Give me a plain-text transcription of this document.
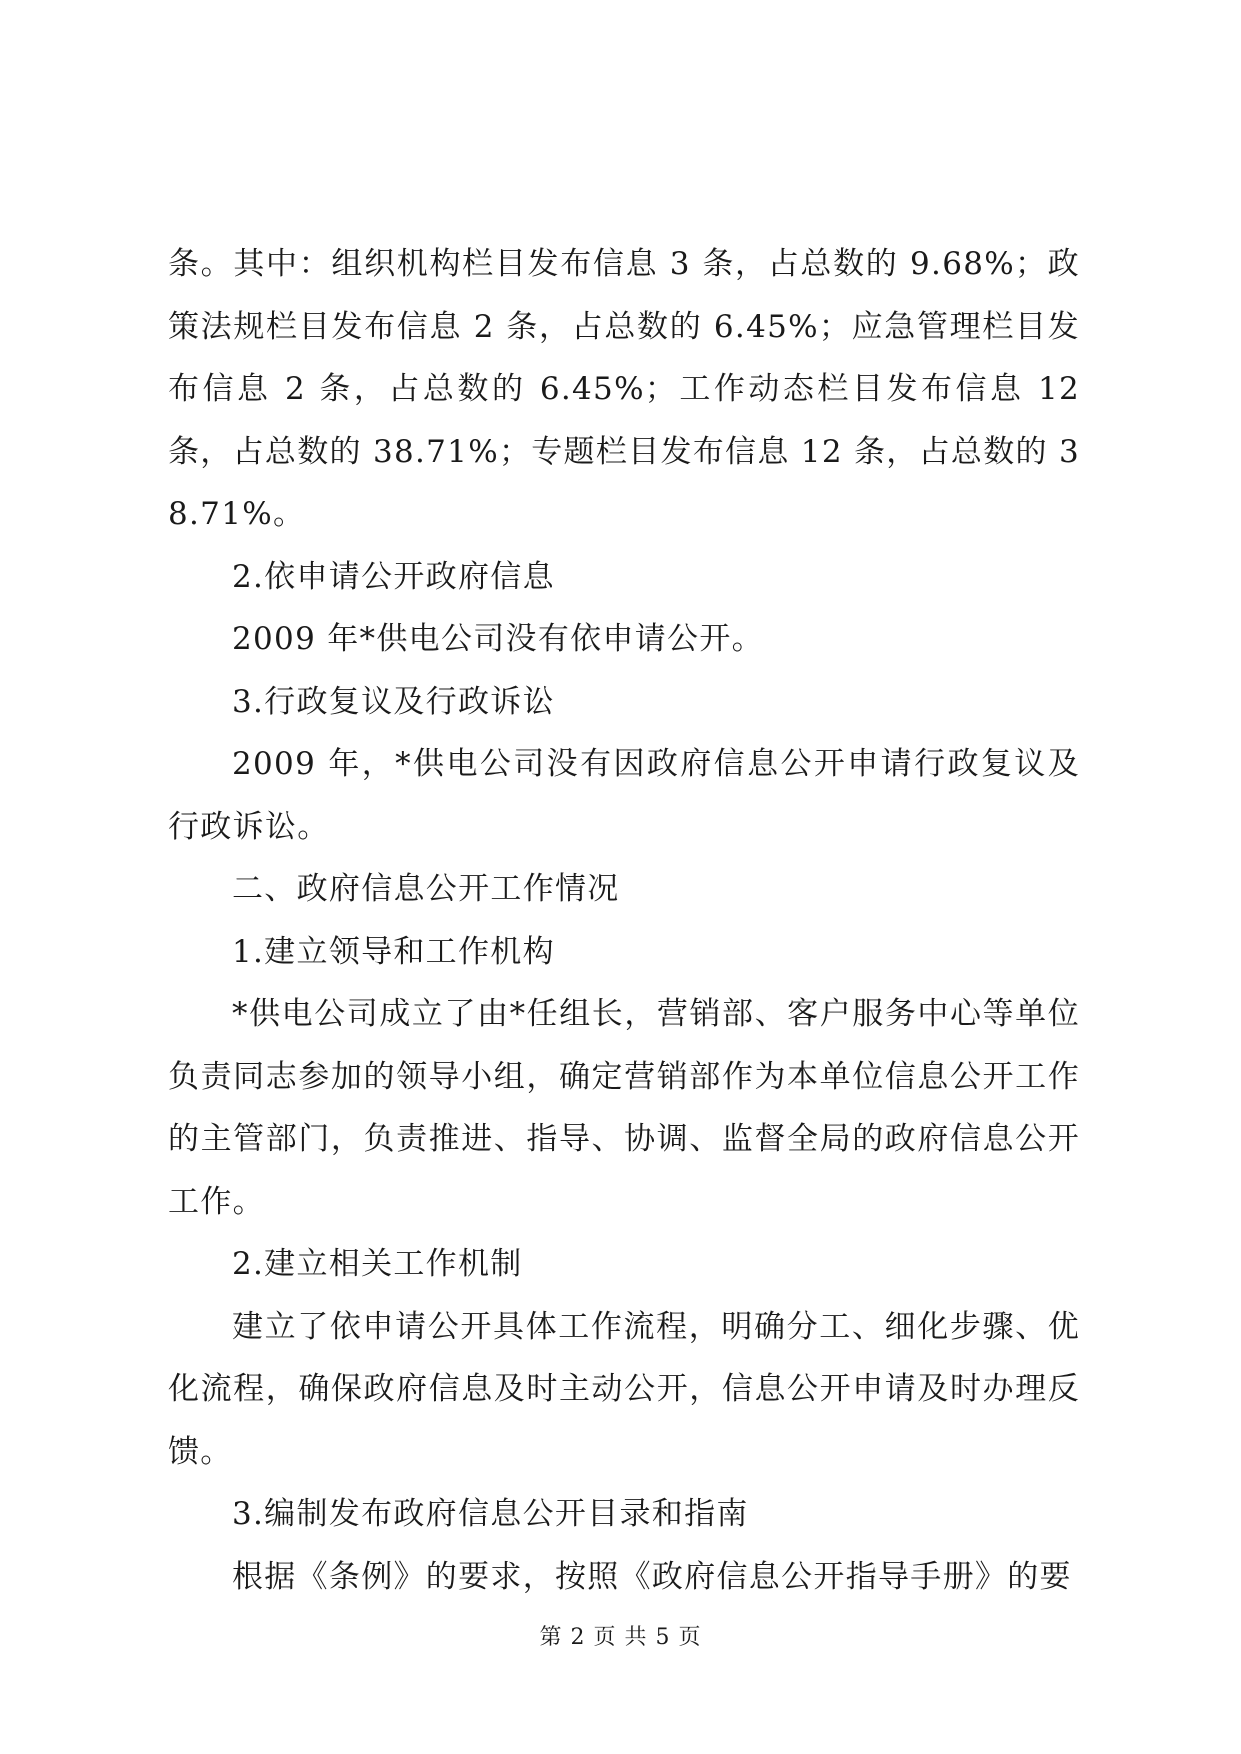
条。其中：组织机构栏目发布信息 3 条，占总数的 9.68%；政策法规栏目发布信息 2 条，占总数的 6.45%；应急管理栏目发布信息 2 条，占总数的 6.45%；工作动态栏目发布信息 12 条，占总数的 38.71%；专题栏目发布信息 12 条，占总数的 38.71%。

2.依申请公开政府信息

2009 年*供电公司没有依申请公开。

3.行政复议及行政诉讼

2009 年，*供电公司没有因政府信息公开申请行政复议及行政诉讼。

二、政府信息公开工作情况

1.建立领导和工作机构

*供电公司成立了由*任组长，营销部、客户服务中心等单位负责同志参加的领导小组，确定营销部作为本单位信息公开工作的主管部门，负责推进、指导、协调、监督全局的政府信息公开工作。

2.建立相关工作机制

建立了依申请公开具体工作流程，明确分工、细化步骤、优化流程，确保政府信息及时主动公开，信息公开申请及时办理反馈。

3.编制发布政府信息公开目录和指南

根据《条例》的要求，按照《政府信息公开指导手册》的要

第 2 页 共 5 页
